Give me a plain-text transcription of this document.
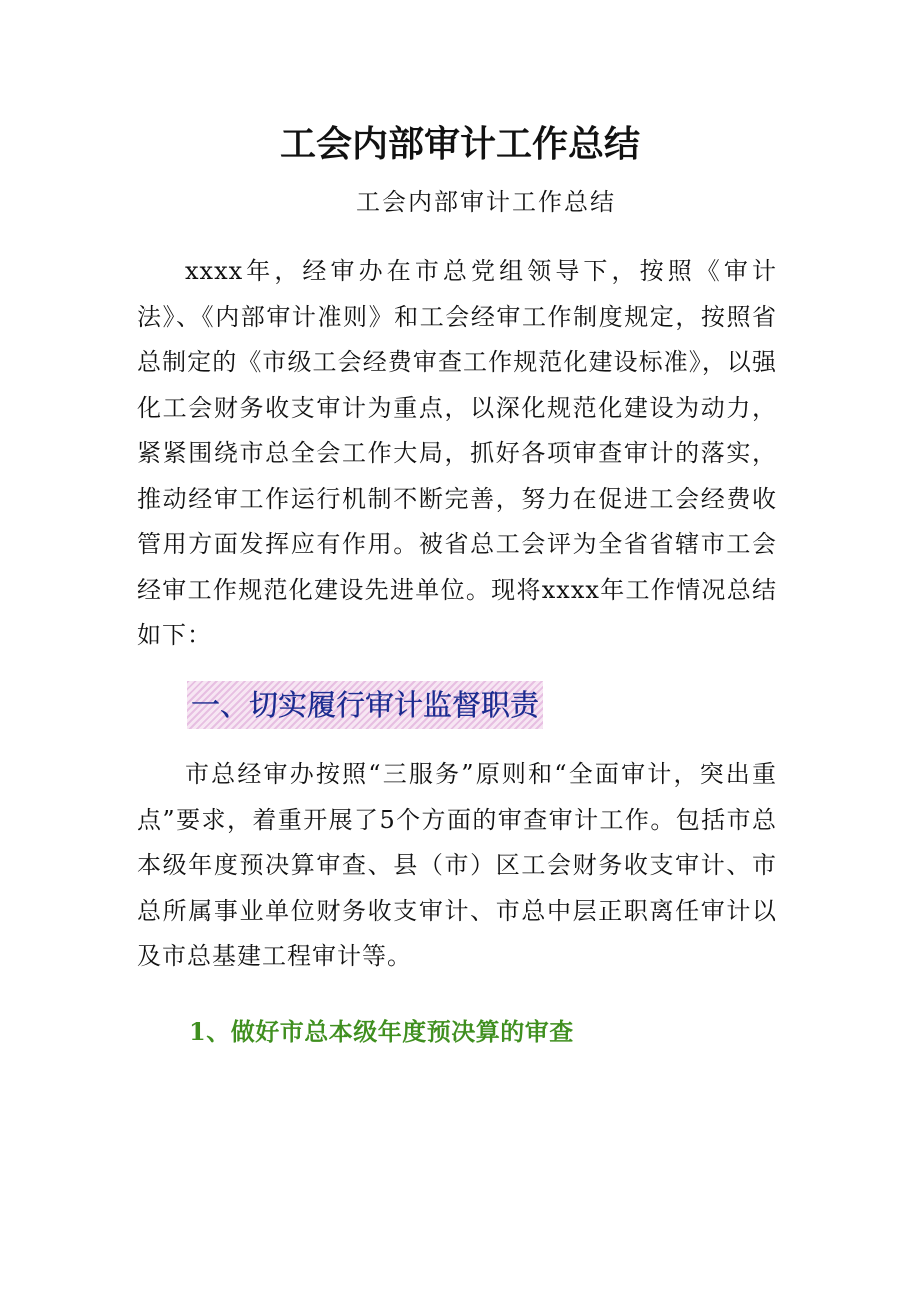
工会内部审计工作总结

工会内部审计工作总结

xxxx年，经审办在市总党组领导下，按照《审计法》、《内部审计准则》和工会经审工作制度规定，按照省总制定的《市级工会经费审查工作规范化建设标准》，以强化工会财务收支审计为重点，以深化规范化建设为动力，紧紧围绕市总全会工作大局，抓好各项审查审计的落实，推动经审工作运行机制不断完善，努力在促进工会经费收管用方面发挥应有作用。被省总工会评为全省省辖市工会经审工作规范化建设先进单位。现将xxxx年工作情况总结如下：

一、切实履行审计监督职责

市总经审办按照“三服务”原则和“全面审计，突出重点”要求，着重开展了5个方面的审查审计工作。包括市总本级年度预决算审查、县（市）区工会财务收支审计、市总所属事业单位财务收支审计、市总中层正职离任审计以及市总基建工程审计等。

1、做好市总本级年度预决算的审查
